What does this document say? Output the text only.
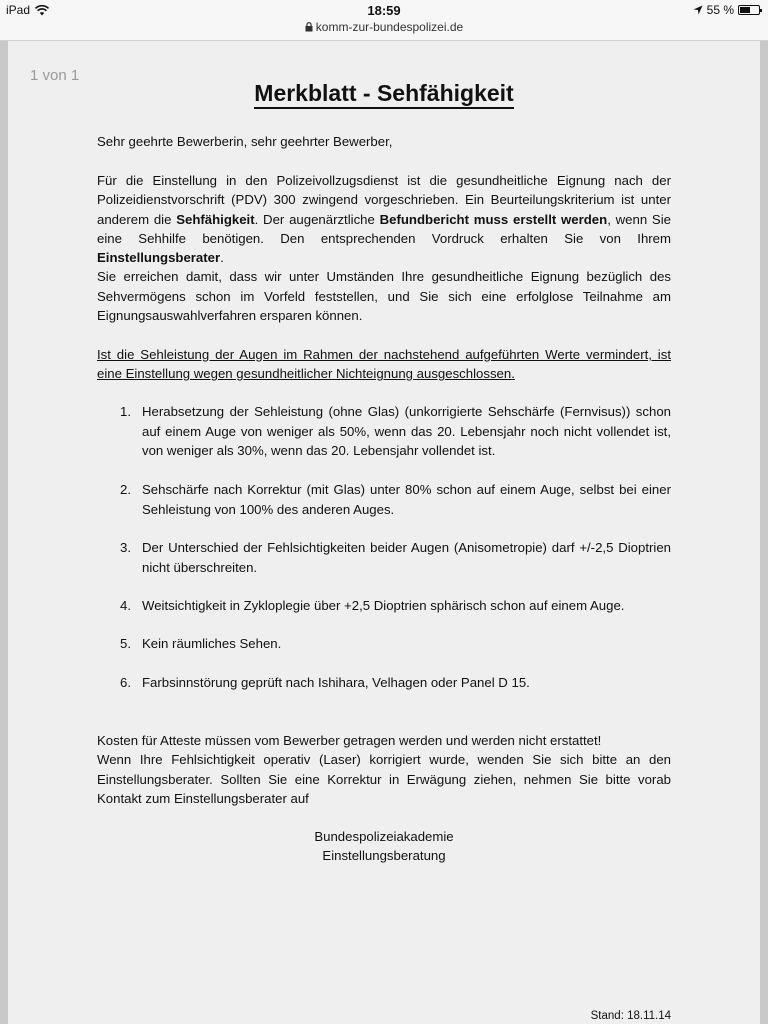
iPad	18:59	55 %
komm-zur-bundespolizei.de
1 von 1
Merkblatt - Sehfähigkeit
Sehr geehrte Bewerberin, sehr geehrter Bewerber,
Für die Einstellung in den Polizeivollzugsdienst ist die gesundheitliche Eignung nach der Polizeidienstvorschrift (PDV) 300 zwingend vorgeschrieben. Ein Beurteilungskriterium ist unter anderem die Sehfähigkeit. Der augenärztliche Befundbericht muss erstellt werden, wenn Sie eine Sehhilfe benötigen. Den entsprechenden Vordruck erhalten Sie von Ihrem Einstellungsberater.
Sie erreichen damit, dass wir unter Umständen Ihre gesundheitliche Eignung bezüglich des Sehvermögens schon im Vorfeld feststellen, und Sie sich eine erfolglose Teilnahme am Eignungsauswahlverfahren ersparen können.
Ist die Sehleistung der Augen im Rahmen der nachstehend aufgeführten Werte vermindert, ist eine Einstellung wegen gesundheitlicher Nichteignung ausgeschlossen.
1. Herabsetzung der Sehleistung (ohne Glas) (unkorrigierte Sehschärfe (Fernvisus)) schon auf einem Auge von weniger als 50%, wenn das 20. Lebensjahr noch nicht vollendet ist, von weniger als 30%, wenn das 20. Lebensjahr vollendet ist.
2. Sehschärfe nach Korrektur (mit Glas) unter 80% schon auf einem Auge, selbst bei einer Sehleistung von 100% des anderen Auges.
3. Der Unterschied der Fehlsichtigkeiten beider Augen (Anisometropie) darf +/-2,5 Dioptrien nicht überschreiten.
4. Weitsichtigkeit in Zykloplegie über +2,5 Dioptrien sphärisch schon auf einem Auge.
5. Kein räumliches Sehen.
6. Farbsinnstörung geprüft nach Ishihara, Velhagen oder Panel D 15.
Kosten für Atteste müssen vom Bewerber getragen werden und werden nicht erstattet!
Wenn Ihre Fehlsichtigkeit operativ (Laser) korrigiert wurde, wenden Sie sich bitte an den Einstellungsberater. Sollten Sie eine Korrektur in Erwägung ziehen, nehmen Sie bitte vorab Kontakt zum Einstellungsberater auf
Bundespolizeiakademie
Einstellungsberatung
Stand: 18.11.14
